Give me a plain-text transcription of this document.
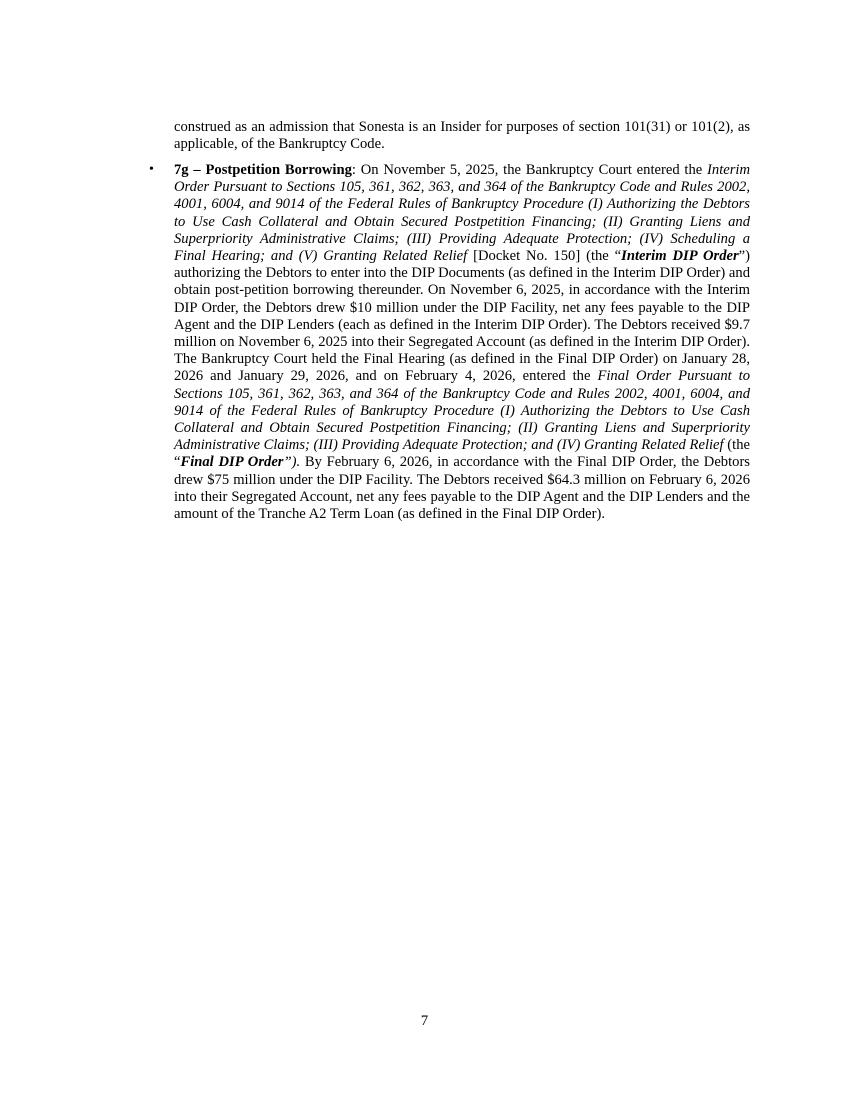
construed as an admission that Sonesta is an Insider for purposes of section 101(31) or 101(2), as applicable, of the Bankruptcy Code.

• 7g – Postpetition Borrowing: On November 5, 2025, the Bankruptcy Court entered the Interim Order Pursuant to Sections 105, 361, 362, 363, and 364 of the Bankruptcy Code and Rules 2002, 4001, 6004, and 9014 of the Federal Rules of Bankruptcy Procedure (I) Authorizing the Debtors to Use Cash Collateral and Obtain Secured Postpetition Financing; (II) Granting Liens and Superpriority Administrative Claims; (III) Providing Adequate Protection; (IV) Scheduling a Final Hearing; and (V) Granting Related Relief [Docket No. 150] (the “Interim DIP Order”) authorizing the Debtors to enter into the DIP Documents (as defined in the Interim DIP Order) and obtain post-petition borrowing thereunder. On November 6, 2025, in accordance with the Interim DIP Order, the Debtors drew $10 million under the DIP Facility, net any fees payable to the DIP Agent and the DIP Lenders (each as defined in the Interim DIP Order). The Debtors received $9.7 million on November 6, 2025 into their Segregated Account (as defined in the Interim DIP Order). The Bankruptcy Court held the Final Hearing (as defined in the Final DIP Order) on January 28, 2026 and January 29, 2026, and on February 4, 2026, entered the Final Order Pursuant to Sections 105, 361, 362, 363, and 364 of the Bankruptcy Code and Rules 2002, 4001, 6004, and 9014 of the Federal Rules of Bankruptcy Procedure (I) Authorizing the Debtors to Use Cash Collateral and Obtain Secured Postpetition Financing; (II) Granting Liens and Superpriority Administrative Claims; (III) Providing Adequate Protection; and (IV) Granting Related Relief (the “Final DIP Order”). By February 6, 2026, in accordance with the Final DIP Order, the Debtors drew $75 million under the DIP Facility. The Debtors received $64.3 million on February 6, 2026 into their Segregated Account, net any fees payable to the DIP Agent and the DIP Lenders and the amount of the Tranche A2 Term Loan (as defined in the Final DIP Order).

7
